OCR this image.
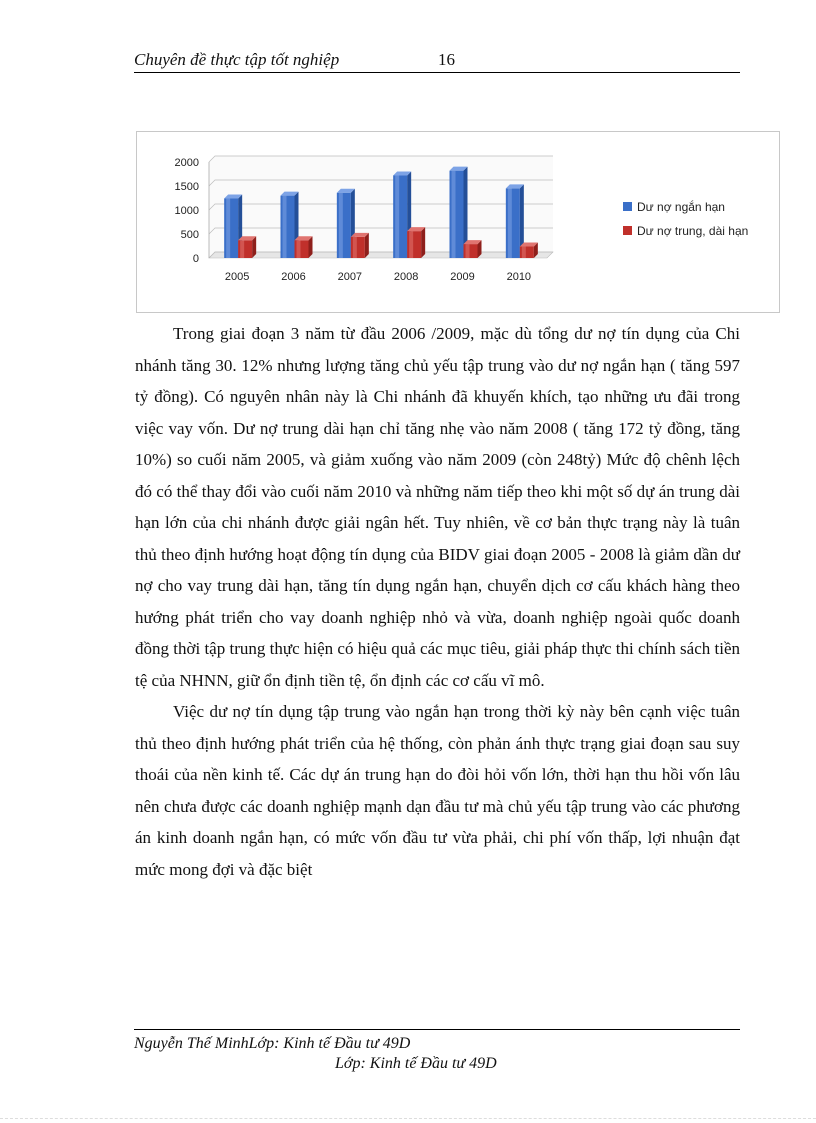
Chuyên đề thực tập tốt nghiệp	16
0
500
1000
1500
2000
2005	2006	2007	2008	2009	2010
Dư nợ ngắn hạn
Dư nợ trung, dài hạn

Trong giai đoạn 3 năm từ đầu 2006 /2009, mặc dù tổng dư nợ tín dụng của Chi nhánh tăng 30. 12% nhưng lượng tăng chủ yếu tập trung vào dư nợ ngắn hạn ( tăng 597 tỷ đồng). Có nguyên nhân này là Chi nhánh đã khuyến khích, tạo những ưu đãi trong việc vay vốn. Dư nợ trung dài hạn chỉ tăng nhẹ vào năm 2008 ( tăng 172 tỷ đồng, tăng 10%) so cuối năm 2005, và giảm xuống vào năm 2009 (còn 248tỷ) Mức độ chênh lệch đó có thể thay đổi vào cuối năm 2010 và những năm tiếp theo khi một số dự án trung dài hạn lớn của chi nhánh được giải ngân hết. Tuy nhiên, về cơ bản thực trạng này là tuân thủ theo định hướng hoạt động tín dụng của BIDV giai đoạn 2005 - 2008 là giảm dần dư nợ cho vay trung dài hạn, tăng tín dụng ngắn hạn, chuyển dịch cơ cấu khách hàng theo hướng phát triển cho vay doanh nghiệp nhỏ và vừa, doanh nghiệp ngoài quốc doanh đồng thời tập trung thực hiện có hiệu quả các mục tiêu, giải pháp thực thi chính sách tiền tệ của NHNN, giữ ổn định tiền tệ, ổn định các cơ cấu vĩ mô.

Việc dư nợ tín dụng tập trung vào ngắn hạn trong thời kỳ này bên cạnh việc tuân thủ theo định hướng phát triển của hệ thống, còn phản ánh thực trạng giai đoạn sau suy thoái của nền kinh tế. Các dự án trung hạn do đòi hỏi vốn lớn, thời hạn thu hồi vốn lâu nên chưa được các doanh nghiệp mạnh dạn đầu tư mà chủ yếu tập trung vào các phương án kinh doanh ngắn hạn, có mức vốn đầu tư vừa phải, chi phí vốn thấp, lợi nhuận đạt mức mong đợi và đặc biệt

Nguyễn Thế MinhLớp: Kinh tế Đầu tư 49D
Lớp: Kinh tế Đầu tư 49D
